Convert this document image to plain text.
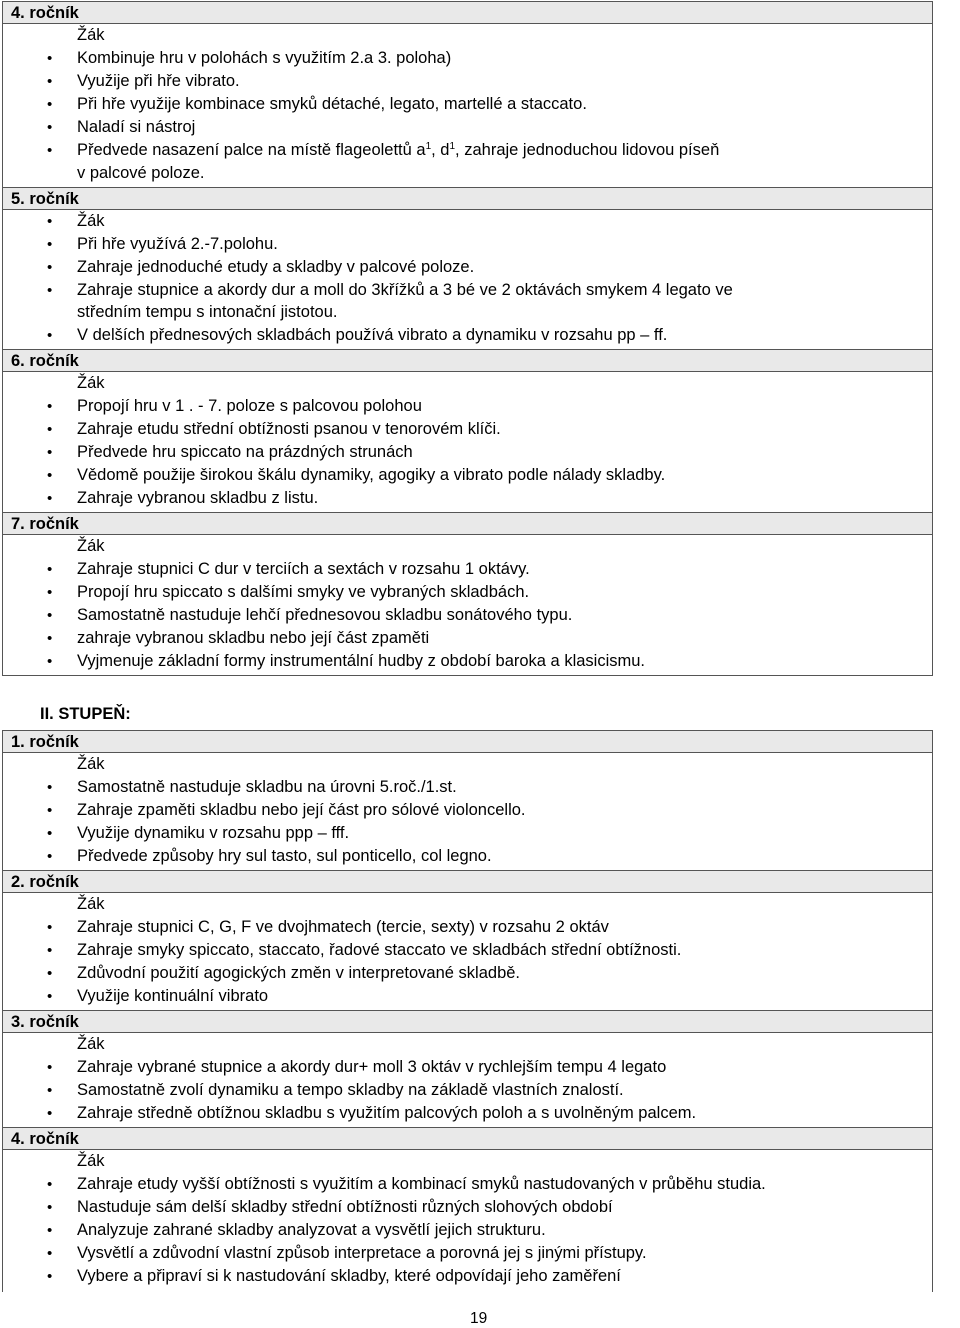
4. ročník
Žák
•
Kombinuje hru v polohách s využitím 2.a 3. poloha)
•
Využije při hře vibrato.
•
Při hře využije kombinace smyků détaché, legato, martellé a staccato.
•
Naladí si nástroj
•
Předvede nasazení palce na místě flageolettů $a^1$, $d^1$, zahraje jednoduchou lidovou píseň
v palcové poloze.
5. ročník
•
Žák
•
Při hře využívá 2.-7.polohu.
•
Zahraje jednoduché etudy a skladby v palcové poloze.
•
Zahraje stupnice a akordy dur a moll do 3křížků a 3 bé ve 2 oktávách smykem 4 legato ve
středním tempu s intonační jistotou.
•
V delších přednesových skladbách používá vibrato a dynamiku v rozsahu pp – ff.
6. ročník
Žák
•
Propojí hru v 1 . - 7. poloze s palcovou polohou
•
Zahraje etudu střední obtížnosti psanou v tenorovém klíči.
•
Předvede hru spiccato na prázdných strunách
•
Vědomě použije širokou škálu dynamiky, agogiky a vibrato podle nálady skladby.
•
Zahraje vybranou skladbu z listu.
7. ročník
Žák
•
Zahraje stupnici C dur v terciích a sextách v rozsahu 1 oktávy.
•
Propojí hru spiccato s dalšími smyky ve vybraných skladbách.
•
Samostatně nastuduje lehčí přednesovou skladbu sonátového typu.
•
zahraje vybranou skladbu nebo její část zpaměti
•
Vyjmenuje základní formy instrumentální hudby z období baroka a klasicismu.
II. STUPEŇ:
1. ročník
Žák
•
Samostatně nastuduje skladbu na úrovni 5.roč./1.st.
•
Zahraje zpaměti skladbu nebo její část pro sólové violoncello.
•
Využije dynamiku v rozsahu ppp – fff.
•
Předvede způsoby hry sul tasto, sul ponticello, col legno.
2. ročník
Žák
•
Zahraje stupnici C, G, F ve dvojhmatech (tercie, sexty) v rozsahu 2 oktáv
•
Zahraje smyky spiccato, staccato, řadové staccato ve skladbách střední obtížnosti.
•
Zdůvodní použití agogických změn v interpretované skladbě.
•
Využije kontinuální vibrato
3. ročník
Žák
•
Zahraje vybrané stupnice a akordy dur+ moll 3 oktáv v rychlejším tempu 4 legato
•
Samostatně zvolí dynamiku a tempo skladby na základě vlastních znalostí.
•
Zahraje středně obtížnou skladbu s využitím palcových poloh a s uvolněným palcem.
4. ročník
Žák
•
Zahraje etudy vyšší obtížnosti s využitím a kombinací smyků nastudovaných v průběhu studia.
•
Nastuduje sám delší skladby střední obtížnosti různých slohových období
•
Analyzuje zahrané skladby analyzovat a vysvětlí jejich strukturu.
•
Vysvětlí a zdůvodní vlastní způsob interpretace a porovná jej s jinými přístupy.
•
Vybere a připraví si k nastudování skladby, které odpovídají jeho zaměření
19
